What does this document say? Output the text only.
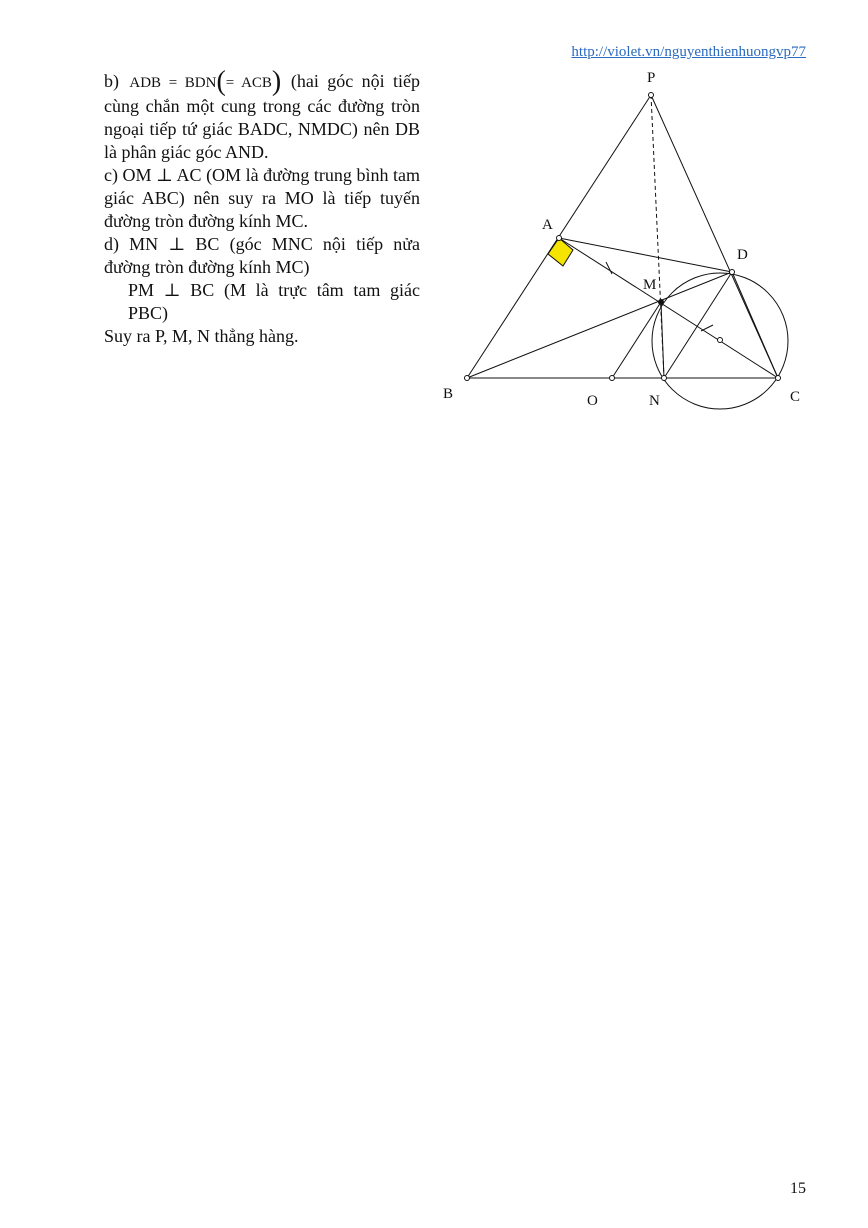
http://violet.vn/nguyenthienhuongvp77

b) ADB = BDN(= ACB) (hai góc nội tiếp cùng chắn một cung trong các đường tròn ngoại tiếp tứ giác BADC, NMDC) nên DB là phân giác góc AND.

c) OM ⊥ AC (OM là đường trung bình tam giác ABC) nên suy ra MO là tiếp tuyến đường tròn đường kính MC.

d) MN ⊥ BC (góc MNC nội tiếp nửa đường tròn đường kính MC)

PM ⊥ BC (M là trực tâm tam giác PBC)

Suy ra P, M, N thẳng hàng.

P
A
D
M
B	O	N	C
15
